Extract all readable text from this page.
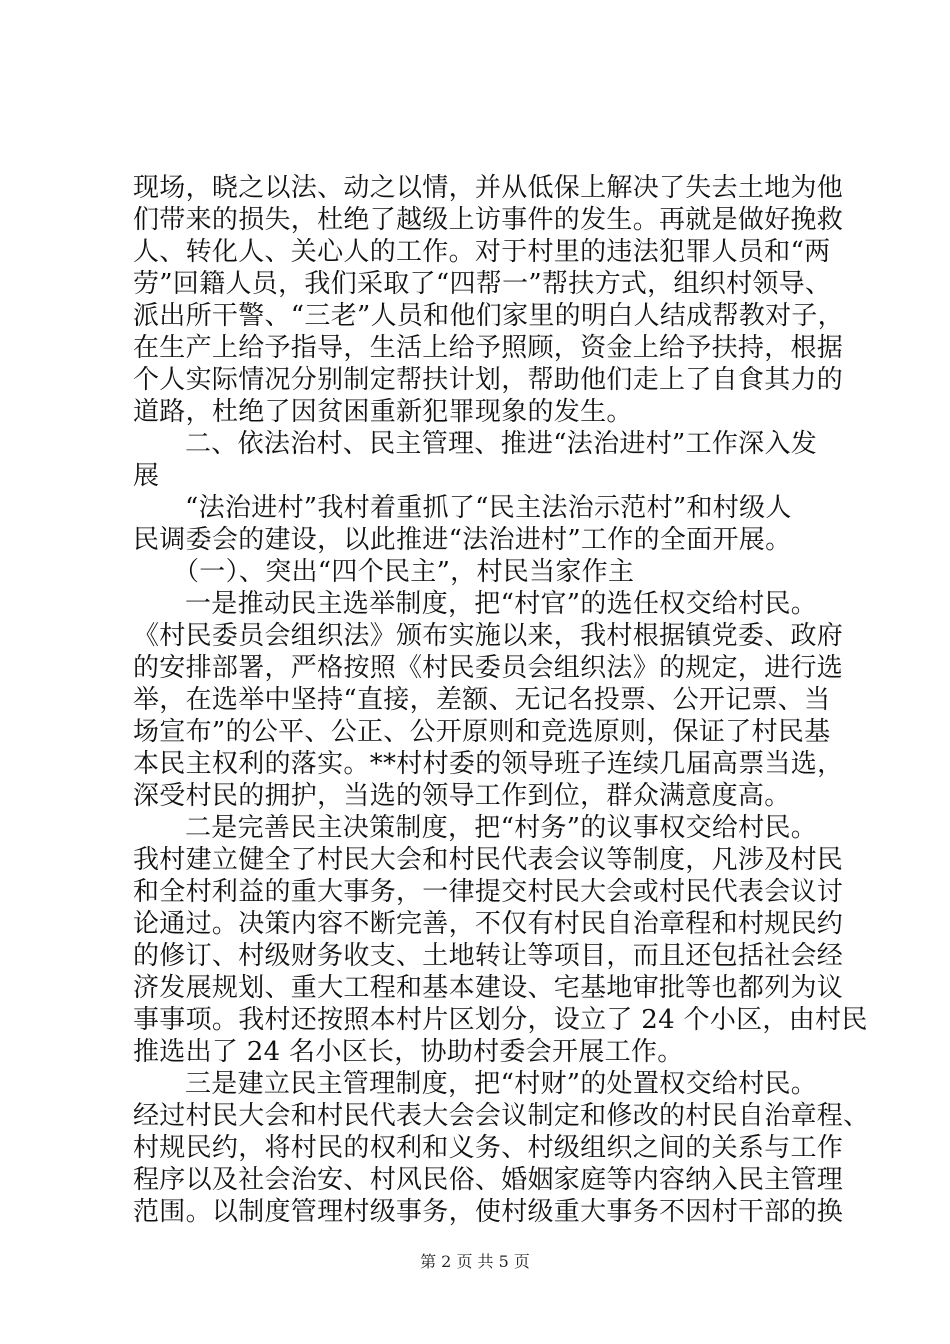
现场，晓之以法、动之以情，并从低保上解决了失去土地为他
们带来的损失，杜绝了越级上访事件的发生。再就是做好挽救
人、转化人、关心人的工作。对于村里的违法犯罪人员和“两
劳”回籍人员，我们采取了“四帮一”帮扶方式，组织村领导、
派出所干警、“三老”人员和他们家里的明白人结成帮教对子，
在生产上给予指导，生活上给予照顾，资金上给予扶持，根据
个人实际情况分别制定帮扶计划，帮助他们走上了自食其力的
道路，杜绝了因贫困重新犯罪现象的发生。
二、依法治村、民主管理、推进“法治进村”工作深入发
展
“法治进村”我村着重抓了“民主法治示范村”和村级人
民调委会的建设，以此推进“法治进村”工作的全面开展。
（一）、突出“四个民主”，村民当家作主
一是推动民主选举制度，把“村官”的选任权交给村民。
《村民委员会组织法》颁布实施以来，我村根据镇党委、政府
的安排部署，严格按照《村民委员会组织法》的规定，进行选
举，在选举中坚持“直接，差额、无记名投票、公开记票、当
场宣布”的公平、公正、公开原则和竞选原则，保证了村民基
本民主权利的落实。**村村委的领导班子连续几届高票当选，
深受村民的拥护，当选的领导工作到位，群众满意度高。
二是完善民主决策制度，把“村务”的议事权交给村民。
我村建立健全了村民大会和村民代表会议等制度，凡涉及村民
和全村利益的重大事务，一律提交村民大会或村民代表会议讨
论通过。决策内容不断完善，不仅有村民自治章程和村规民约
的修订、村级财务收支、土地转让等项目，而且还包括社会经
济发展规划、重大工程和基本建设、宅基地审批等也都列为议
事事项。我村还按照本村片区划分，设立了 24 个小区，由村民
推选出了 24 名小区长，协助村委会开展工作。
三是建立民主管理制度，把“村财”的处置权交给村民。
经过村民大会和村民代表大会会议制定和修改的村民自治章程、
村规民约，将村民的权利和义务、村级组织之间的关系与工作
程序以及社会治安、村风民俗、婚姻家庭等内容纳入民主管理
范围。以制度管理村级事务，使村级重大事务不因村干部的换
第 2 页 共 5 页
